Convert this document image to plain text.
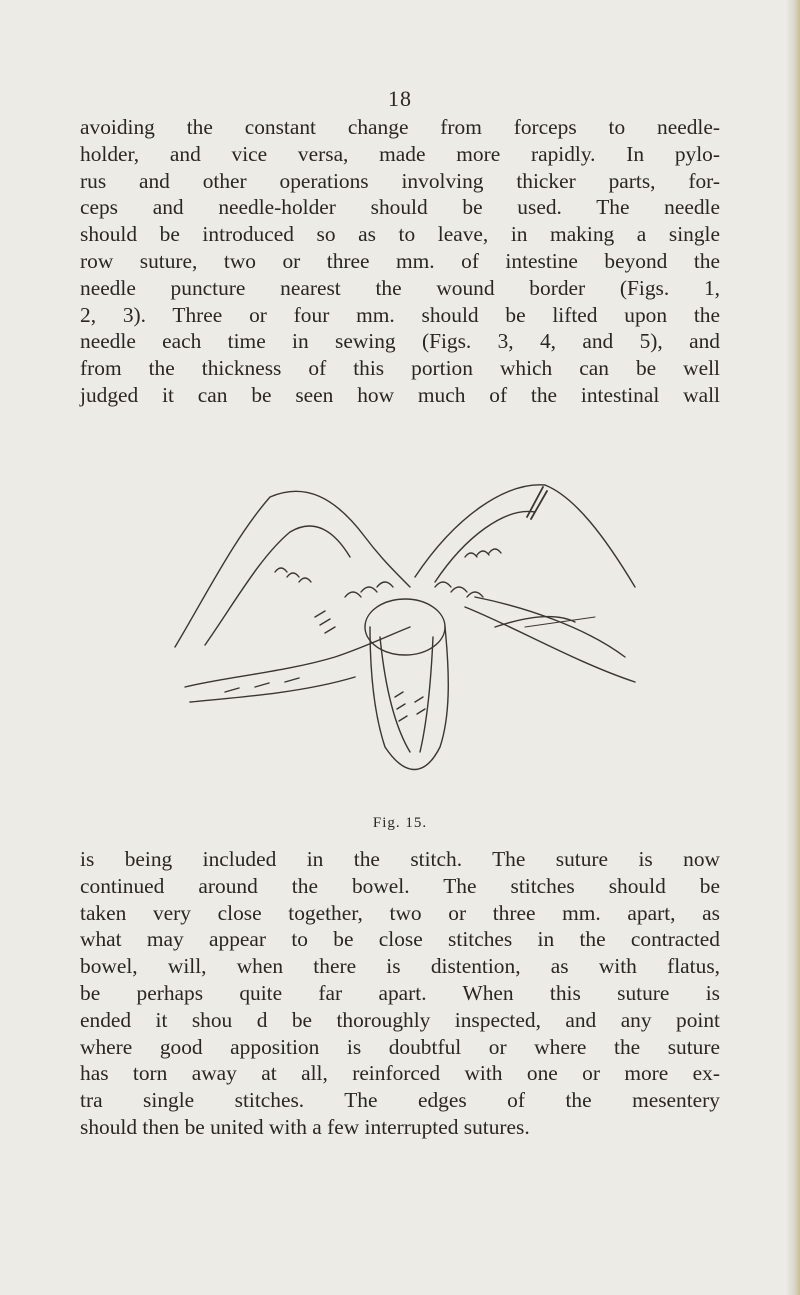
18
avoiding the constant change from forceps to needle-
holder, and vice versa, made more rapidly. In pylo-
rus and other operations involving thicker parts, for-
ceps and needle-holder should be used. The needle
should be introduced so as to leave, in making a single
row suture, two or three mm. of intestine beyond the
needle puncture nearest the wound border (Figs. 1,
2, 3). Three or four mm. should be lifted upon the
needle each time in sewing (Figs. 3, 4, and 5), and
from the thickness of this portion which can be well
judged it can be seen how much of the intestinal wall
Fig. 15.
is being included in the stitch. The suture is now
continued around the bowel. The stitches should be
taken very close together, two or three mm. apart, as
what may appear to be close stitches in the contracted
bowel, will, when there is distention, as with flatus,
be perhaps quite far apart. When this suture is
ended it shou d be thoroughly inspected, and any point
where good apposition is doubtful or where the suture
has torn away at all, reinforced with one or more ex-
tra single stitches. The edges of the mesentery
should then be united with a few interrupted sutures.
